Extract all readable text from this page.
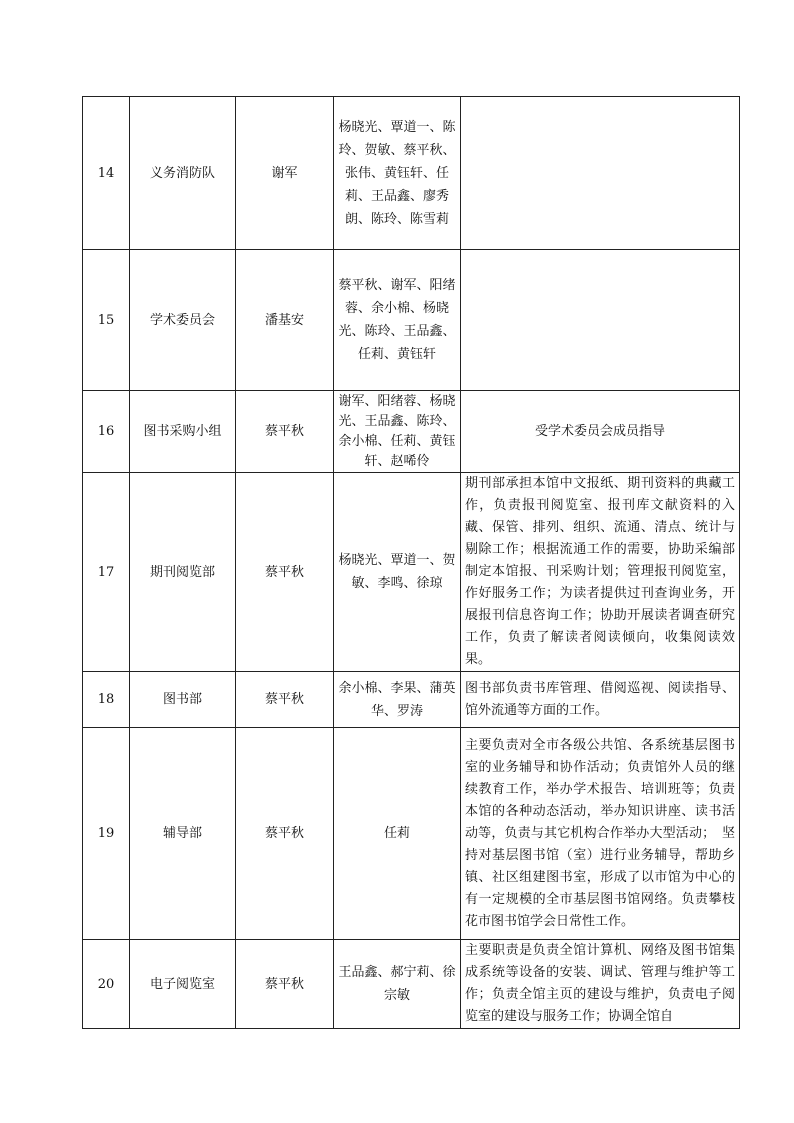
14	义务消防队	谢军	杨晓光、覃道一、陈玲、贺敏、蔡平秋、张伟、黄钰轩、任莉、王品鑫、廖秀朗、陈玲、陈雪莉	
15	学术委员会	潘基安	蔡平秋、谢军、阳绪蓉、余小棉、杨晓光、陈玲、王品鑫、任莉、黄钰轩	
16	图书采购小组	蔡平秋	谢军、阳绪蓉、杨晓光、王品鑫、陈玲、余小棉、任莉、黄钰轩、赵唏伶	受学术委员会成员指导
17	期刊阅览部	蔡平秋	杨晓光、覃道一、贺敏、李鸣、徐琼	期刊部承担本馆中文报纸、期刊资料的典藏工作，负责报刊阅览室、报刊库文献资料的入藏、保管、排列、组织、流通、清点、统计与剔除工作；根据流通工作的需要，协助采编部制定本馆报、刊采购计划；管理报刊阅览室，作好服务工作；为读者提供过刊查询业务，开展报刊信息咨询工作；协助开展读者调查研究工作，负责了解读者阅读倾向，收集阅读效果。
18	图书部	蔡平秋	余小棉、李果、蒲英华、罗涛	图书部负责书库管理、借阅巡视、阅读指导、馆外流通等方面的工作。
19	辅导部	蔡平秋	任莉	主要负责对全市各级公共馆、各系统基层图书室的业务辅导和协作活动；负责馆外人员的继续教育工作，举办学术报告、培训班等；负责本馆的各种动态活动，举办知识讲座、读书活动等，负责与其它机构合作举办大型活动；　坚持对基层图书馆（室）进行业务辅导，帮助乡镇、社区组建图书室，形成了以市馆为中心的有一定规模的全市基层图书馆网络。负责攀枝花市图书馆学会日常性工作。
20	电子阅览室	蔡平秋	王品鑫、郝宁莉、徐宗敏	主要职责是负责全馆计算机、网络及图书馆集成系统等设备的安装、调试、管理与维护等工作；负责全馆主页的建设与维护，负责电子阅览室的建设与服务工作；协调全馆自
